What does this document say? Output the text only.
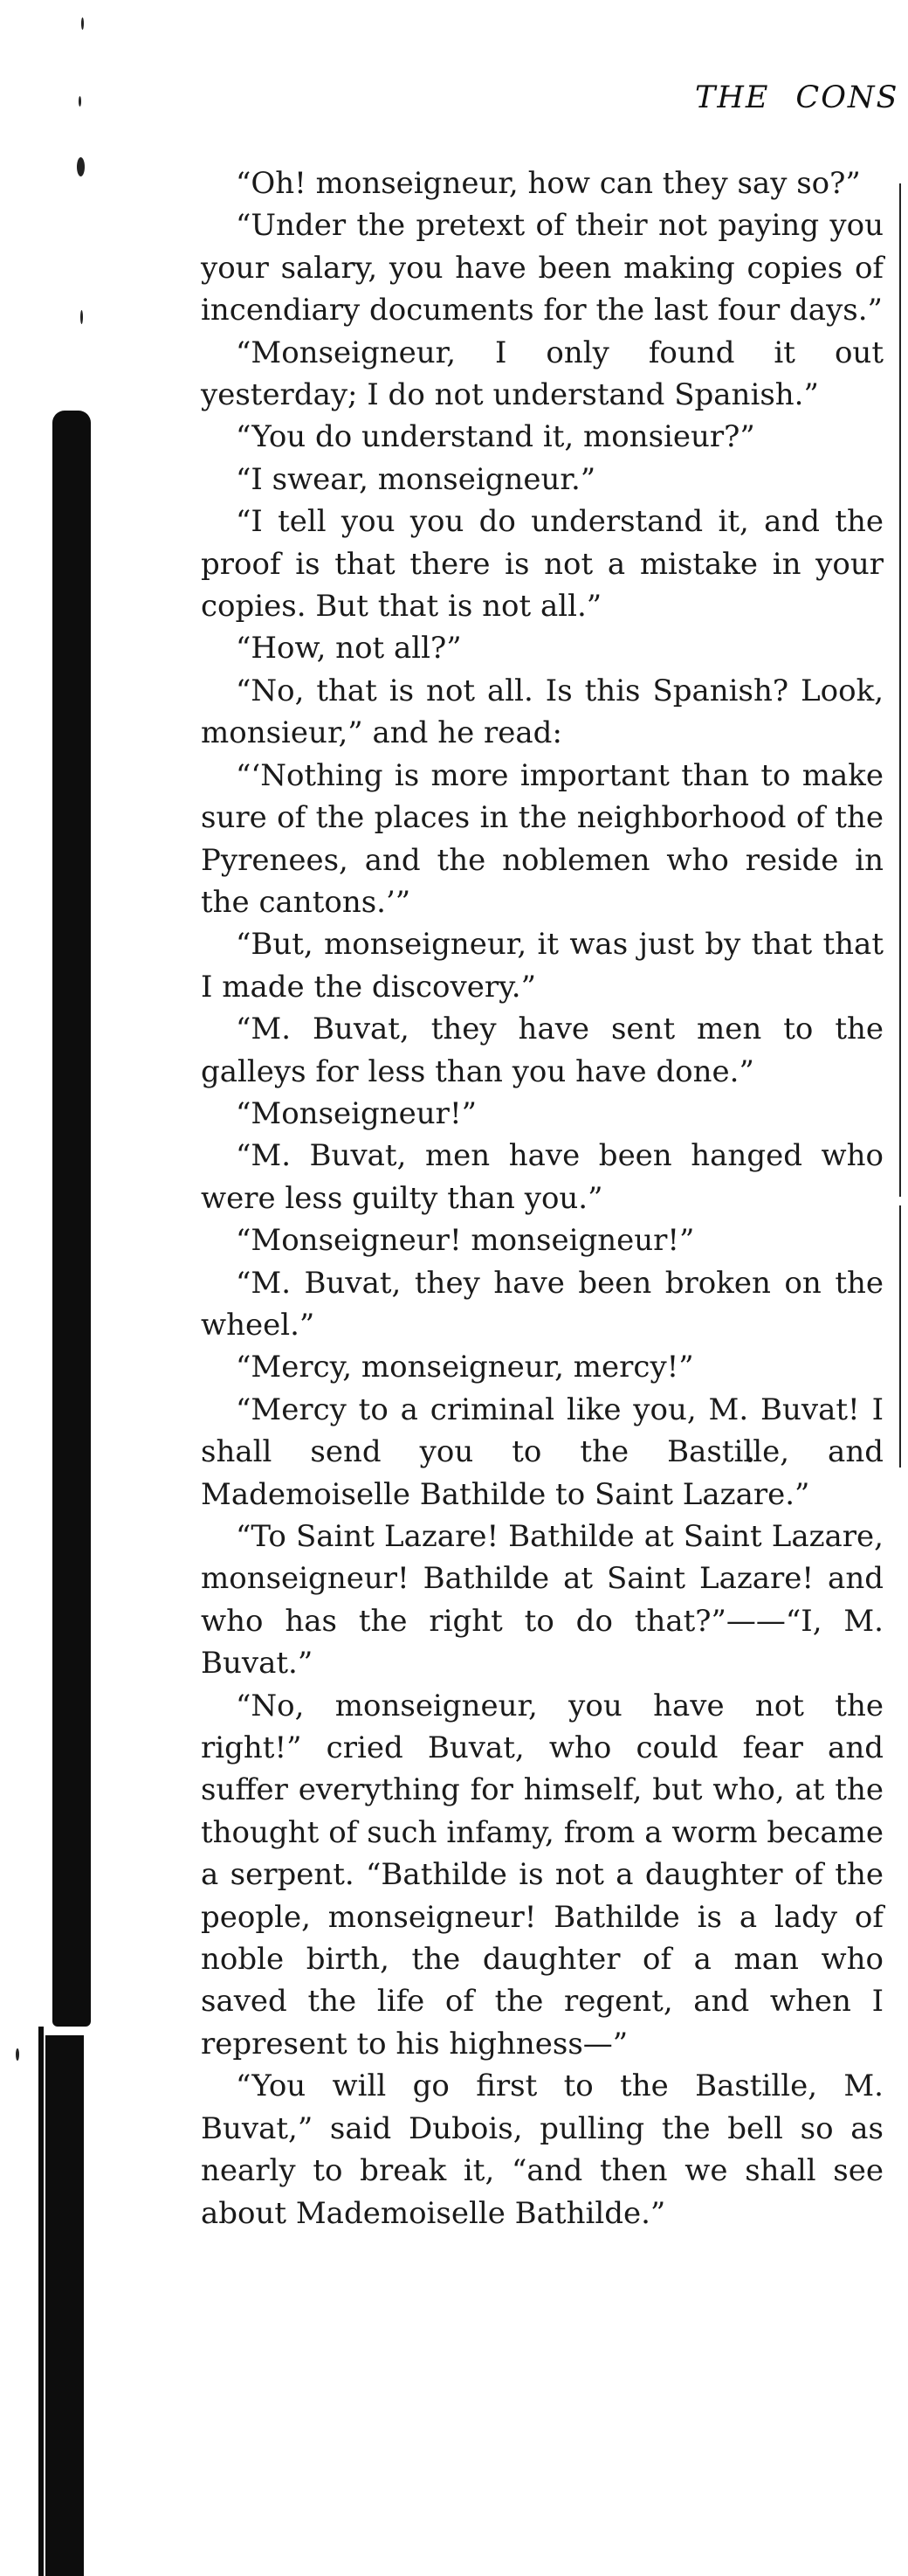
THE CONS

“Oh! monseigneur, how can they say so?”

“Under the pretext of their not paying you your salary, you have been making copies of incendiary documents for the last four days.”

“Monseigneur, I only found it out yesterday; I do not understand Spanish.”

“You do understand it, monsieur?”

“I swear, monseigneur.”

“I tell you you do understand it, and the proof is that there is not a mistake in your copies. But that is not all.”

“How, not all?”

“No, that is not all. Is this Spanish? Look, monsieur,” and he read:

“‘Nothing is more important than to make sure of the places in the neighborhood of the Pyrenees, and the noblemen who reside in the cantons.’”

“But, monseigneur, it was just by that that I made the discovery.”

“M. Buvat, they have sent men to the galleys for less than you have done.”

“Monseigneur!”

“M. Buvat, men have been hanged who were less guilty than you.”

“Monseigneur! monseigneur!”

“M. Buvat, they have been broken on the wheel.”

“Mercy, monseigneur, mercy!”

“Mercy to a criminal like you, M. Buvat! I shall send you to the Bastille, and Mademoiselle Bathilde to Saint Lazare.”

“To Saint Lazare! Bathilde at Saint Lazare, monseigneur! Bathilde at Saint Lazare! and who has the right to do that?”——“I, M. Buvat.”

“No, monseigneur, you have not the right!” cried Buvat, who could fear and suffer everything for himself, but who, at the thought of such infamy, from a worm became a serpent. “Bathilde is not a daughter of the people, monseigneur! Bathilde is a lady of noble birth, the daughter of a man who saved the life of the regent, and when I represent to his highness—”

“You will go first to the Bastille, M. Buvat,” said Dubois, pulling the bell so as nearly to break it, “and then we shall see about Mademoiselle Bathilde.”
